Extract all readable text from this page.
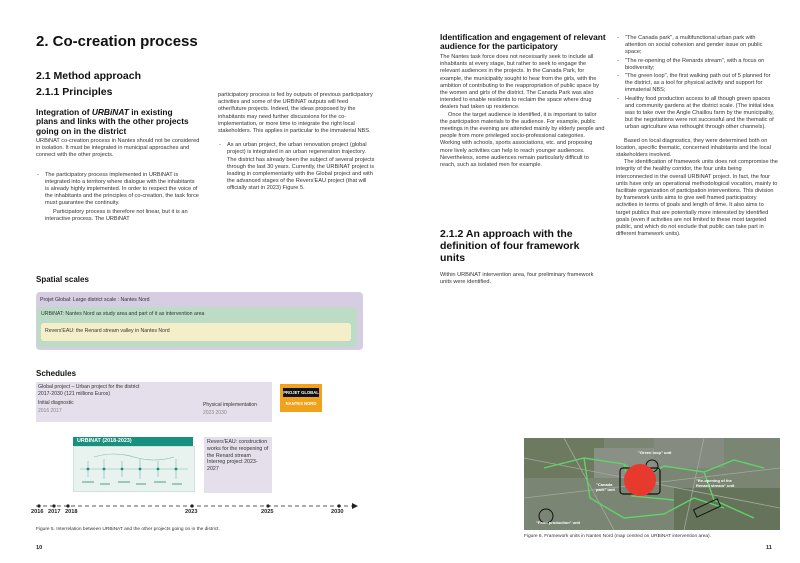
2. Co-creation process
2.1 Method approach
2.1.1 Principles
Integration of URBiNAT in existing plans and links with the other projects going on in the district

URBiNAT co-creation process in Nantes should not be considered in isolation. It must be integrated in municipal approaches and connect with the other projects.

- The participatory process implemented in URBiNAT is integrated into a territory where dialogue with the inhabitants is already highly implemented. In order to respect the voice of the inhabitants and the principles of co-creation, the task force must guarantee the continuity.

Participatory process is therefore not linear, but it is an interactive process. The URBiNAT

participatory process is fed by outputs of previous participatory activities and some of the URBiNAT outputs will feed other/future projects. Indeed, the ideas proposed by the inhabitants may need further discussions for the co- implementation, or more time to integrate the right local stakeholders. This applies in particular to the immaterial NBS.

- As an urban project, the urban renovation project (global project) is integrated in an urban regeneration trajectory. The district has already been the subject of several projects through the last 30 years. Currently, the URBiNAT project is leading in complementarity with the Global project and with the advanced stages of the Revers'EAU project (that will officially start in 2023) Figure 5.
Spatial scales
Projet Global: Large district scale : Nantes Nord
URBiNAT: Nantes Nord as study area and part of it as intervention area
Revers'EAU: the Renard stream valley in Nantes Nord
Schedules
Global project – Urban project for the district
2017-2030 (121 millions Euros)
Initial diagnostic
2016 2017
Physical implementation
2023 2030
PROJET GLOBAL
NANTES NORD
URBINAT (2018-2023)	Revers'EAU: construction works for the reopening of the Renard stream Interreg project 2023-2027
2016 2017 2018	2023	2025	2030
Figure 5. Interrelation between URBiNAT and the other projects going on in the district.
10
Identification and engagement of relevant audience for the participatory

The Nantes task force does not necessarily seek to include all inhabitants at every stage, but rather to seek to engage the relevant audiences in the projects. In the Canada Park, for example, the municipality sought to hear from the girls, with the ambition of contributing to the reappropriation of public space by the women and girls of the district. The Canada Park was also intended to enable residents to reclaim the space where drug dealers had taken up residence.

Once the target audience is identified, it is important to tailor the participation materials to the audience. For example, public meetings in the evening are attended mainly by elderly people and people from more privileged socio-professional categories. Working with schools, sports associations, etc. and proposing more lively activities can help to reach younger audiences. Nevertheless, some audiences remain particularly difficult to reach, such as isolated men for example.

2.1.2 An approach with the definition of four framework units
Within URBiNAT intervention area, four preliminary framework units were identified.
- "The Canada park", a multifunctional urban park with attention on social cohesion and gender issue on public space;
- "The re-opening of the Renards stream", with a focus on biodiversity;
- "The green loop", the first walking path out of 5 planned for the district, as a tool for physical activity and support for immaterial NBS;
- Healthy food production access to all though green spaces and community gardens at the district scale. (The initial idea was to take over the Angle Chaillou farm by the municipality, but the negotiations were not successful and the thematic of urban agriculture was rethought through other channels).

Based on local diagnostics, they were determined both on location, specific thematic, concerned inhabitants and the local stakeholders involved.

The identification of framework units does not compromise the integrity of the healthy corridor, the four units being interconnected in the overall URBiNAT project. In fact, the four units have only an operational methodological vocation, mainly to facilitate organization of participation interventions. This division by framework units aims to give well framed participatory activities in terms of goals and length of time. It also aims to target publics that are potentially more interested by identified goals (even if activities are not limited to these most targeted public, and which do not exclude that public can take part in different framework units).

"Green loop" unit
"Canada park" unit
"Re-opening of the Renard stream" unit
"Food production" unit
Figure 6. Framework units in Nantes Nord (map centred on URBiNAT intervention area).
11
